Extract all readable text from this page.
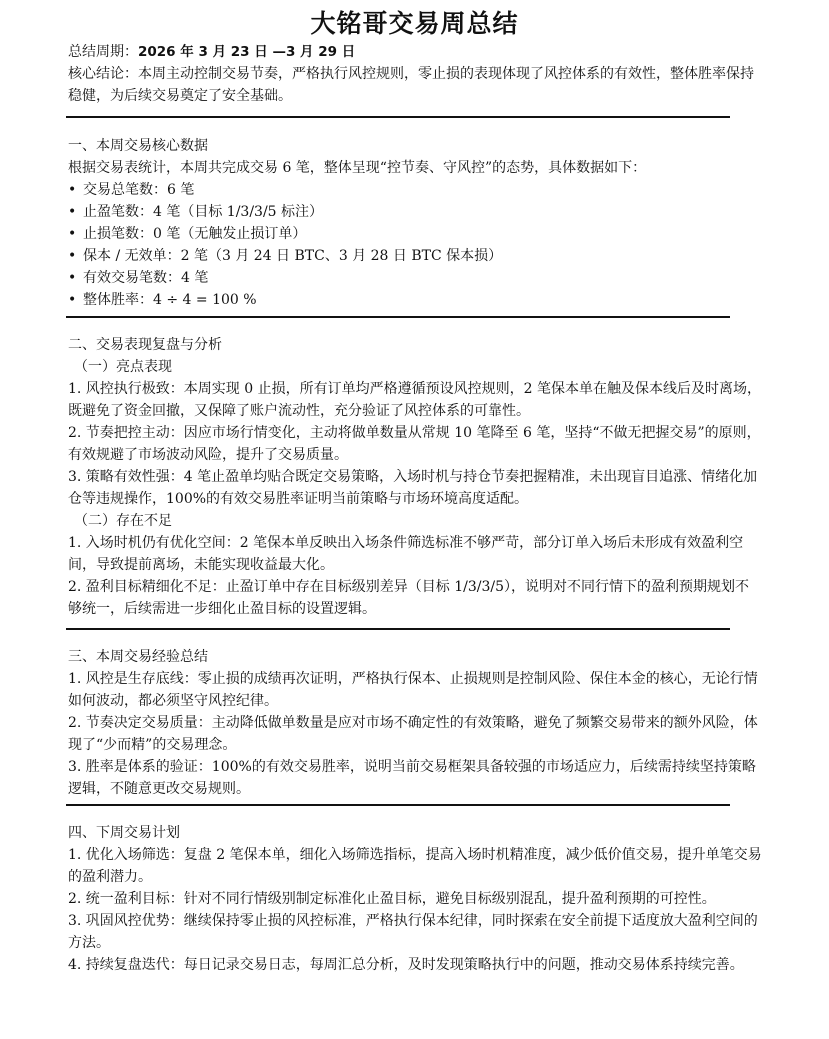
大铭哥交易周总结

总结周期：2026 年 3 月 23 日 —3 月 29 日

核心结论：本周主动控制交易节奏，严格执行风控规则，零止损的表现体现了风控体系的有效性，整体胜率保持稳健，为后续交易奠定了安全基础。

一、本周交易核心数据

根据交易表统计，本周共完成交易 6 笔，整体呈现“控节奏、守风控”的态势，具体数据如下：

• 交易总笔数：6 笔
• 止盈笔数：4 笔（目标 1/3/3/5 标注）
• 止损笔数：0 笔（无触发止损订单）
• 保本 / 无效单：2 笔（3 月 24 日 BTC、3 月 28 日 BTC 保本损）
• 有效交易笔数：4 笔
• 整体胜率：4 ÷ 4 = 100 %

二、交易表现复盘与分析

（一）亮点表现

1. 风控执行极致：本周实现 0 止损，所有订单均严格遵循预设风控规则，2 笔保本单在触及保本线后及时离场，既避免了资金回撤，又保障了账户流动性，充分验证了风控体系的可靠性。

2. 节奏把控主动：因应市场行情变化，主动将做单数量从常规 10 笔降至 6 笔，坚持“不做无把握交易”的原则，有效规避了市场波动风险，提升了交易质量。

3. 策略有效性强：4 笔止盈单均贴合既定交易策略，入场时机与持仓节奏把握精准，未出现盲目追涨、情绪化加仓等违规操作，100%的有效交易胜率证明当前策略与市场环境高度适配。

（二）存在不足

1. 入场时机仍有优化空间：2 笔保本单反映出入场条件筛选标准不够严苛，部分订单入场后未形成有效盈利空间，导致提前离场，未能实现收益最大化。

2. 盈利目标精细化不足：止盈订单中存在目标级别差异（目标 1/3/3/5），说明对不同行情下的盈利预期规划不够统一，后续需进一步细化止盈目标的设置逻辑。

三、本周交易经验总结

1. 风控是生存底线：零止损的成绩再次证明，严格执行保本、止损规则是控制风险、保住本金的核心，无论行情如何波动，都必须坚守风控纪律。

2. 节奏决定交易质量：主动降低做单数量是应对市场不确定性的有效策略，避免了频繁交易带来的额外风险，体现了“少而精”的交易理念。

3. 胜率是体系的验证：100%的有效交易胜率，说明当前交易框架具备较强的市场适应力，后续需持续坚持策略逻辑，不随意更改交易规则。

四、下周交易计划

1. 优化入场筛选：复盘 2 笔保本单，细化入场筛选指标，提高入场时机精准度，减少低价值交易，提升单笔交易的盈利潜力。

2. 统一盈利目标：针对不同行情级别制定标准化止盈目标，避免目标级别混乱，提升盈利预期的可控性。

3. 巩固风控优势：继续保持零止损的风控标准，严格执行保本纪律，同时探索在安全前提下适度放大盈利空间的方法。

4. 持续复盘迭代：每日记录交易日志，每周汇总分析，及时发现策略执行中的问题，推动交易体系持续完善。
